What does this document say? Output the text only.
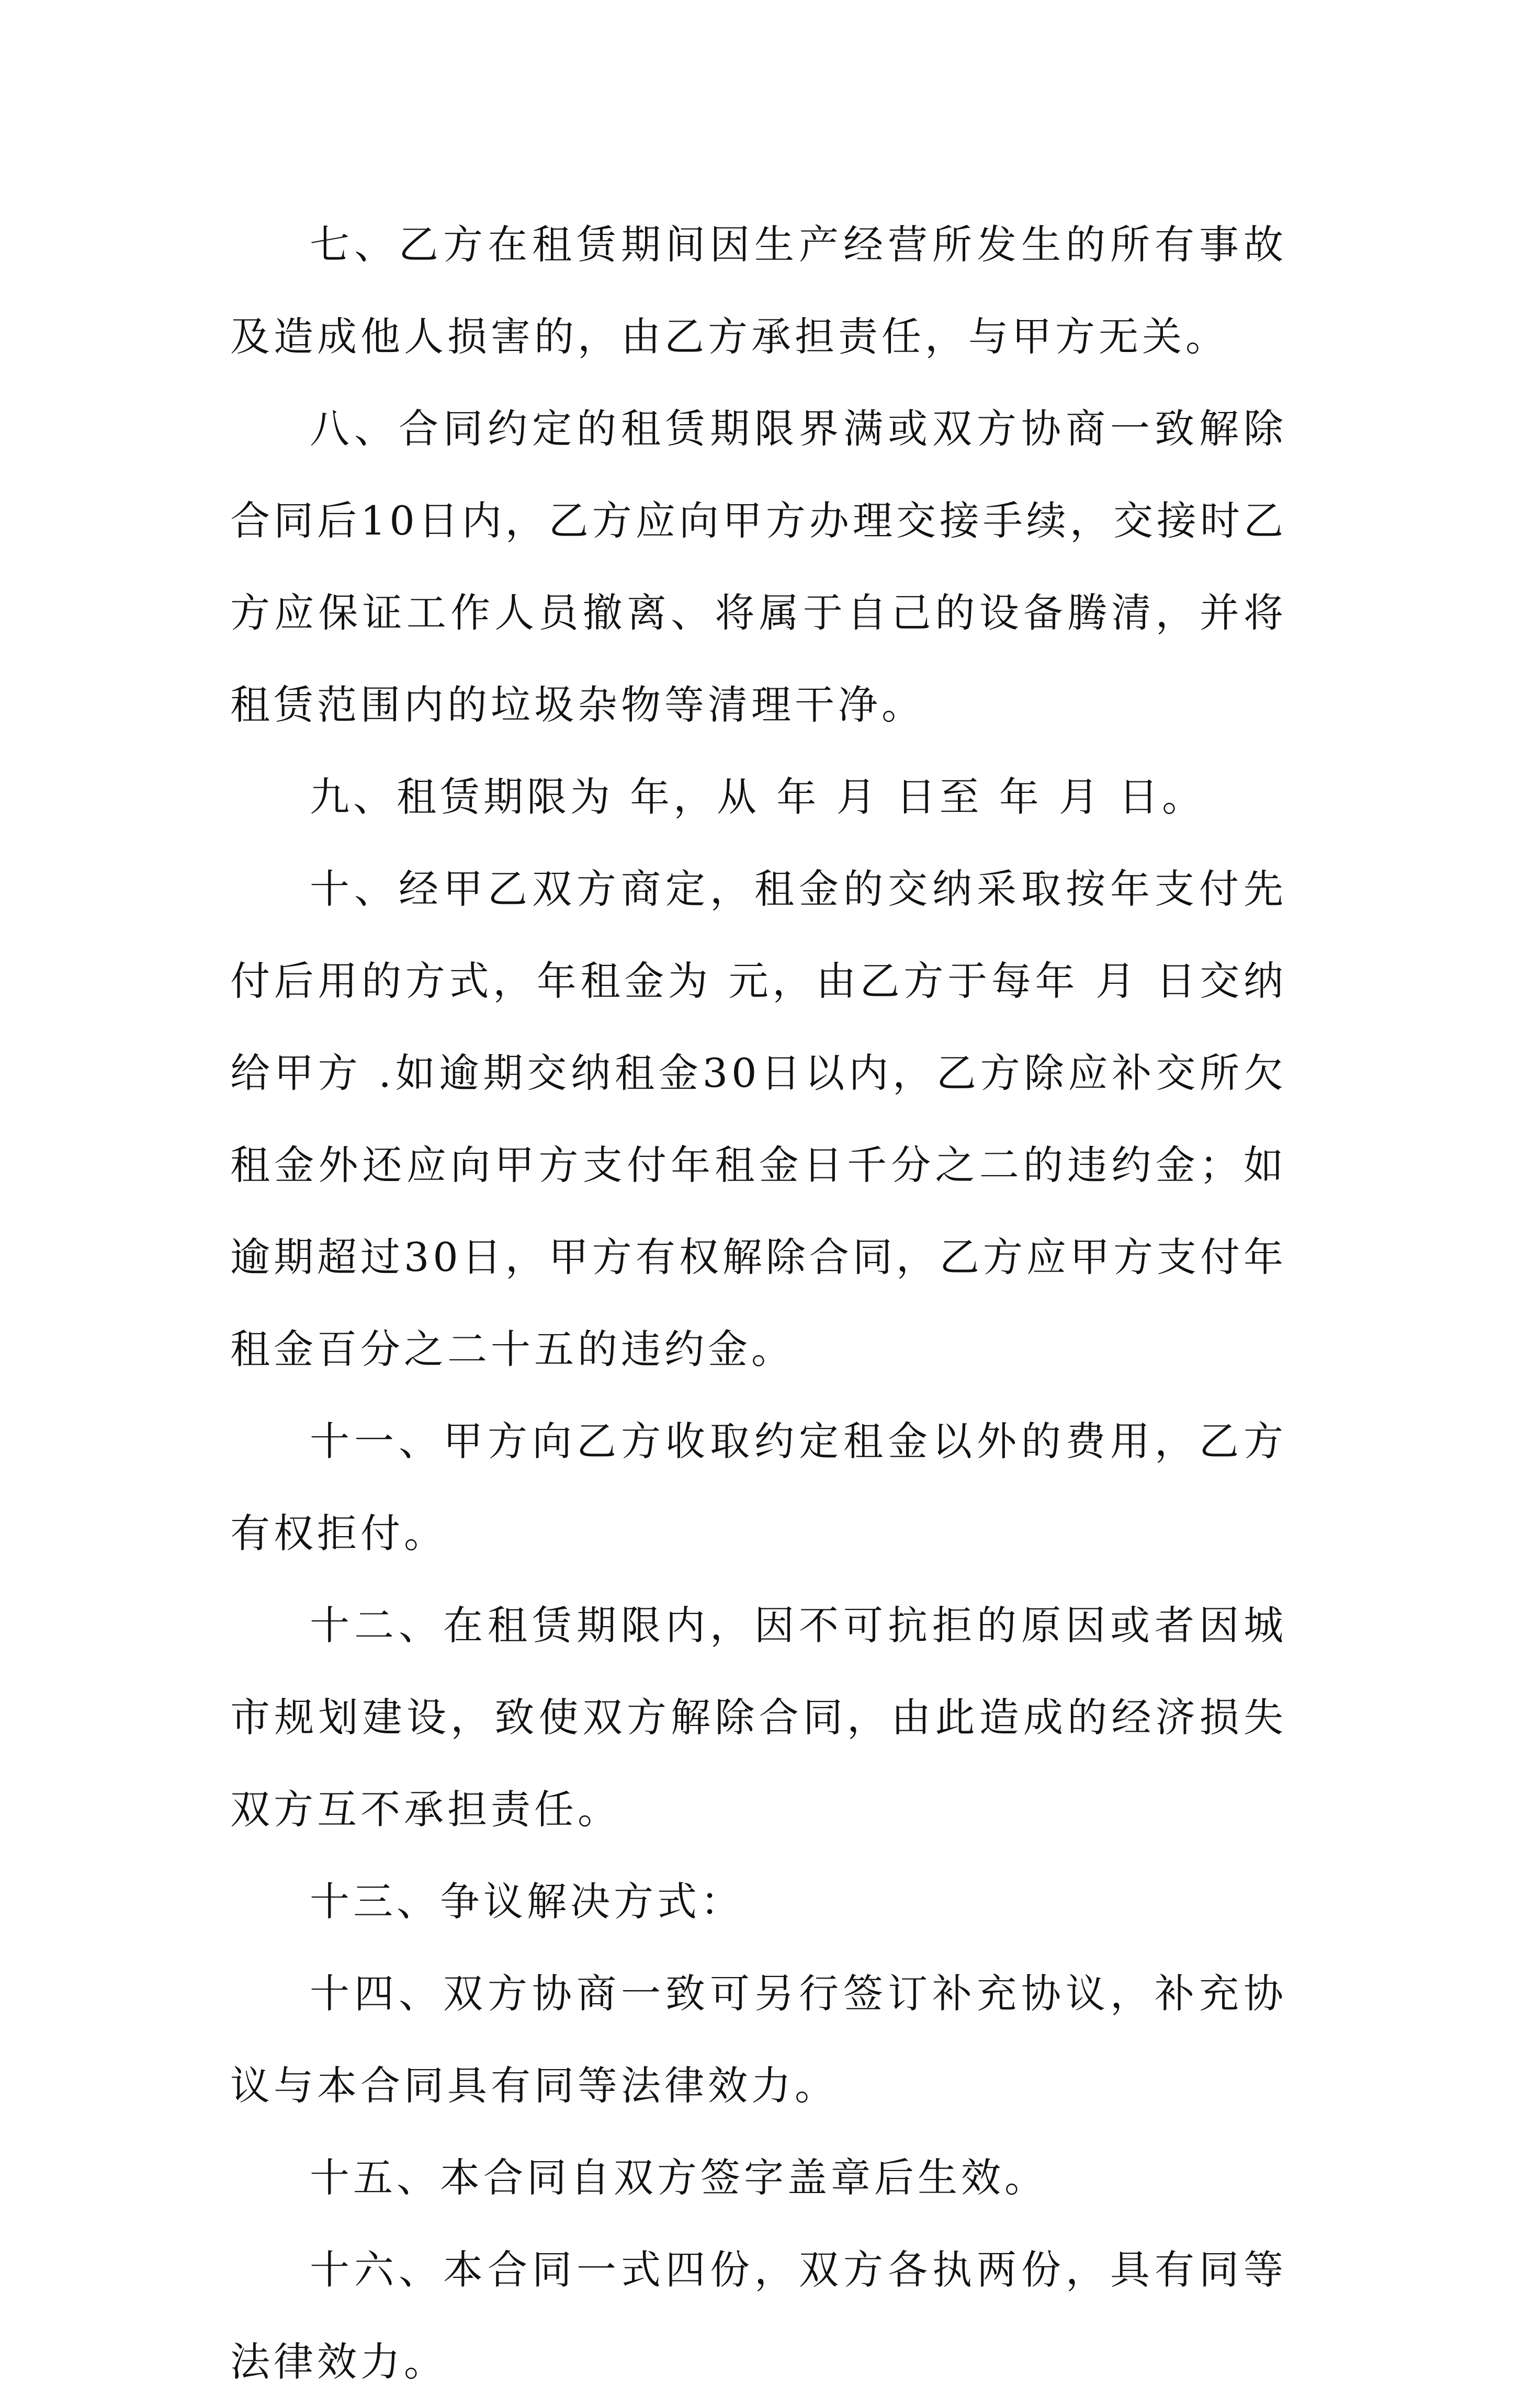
七、乙方在租赁期间因生产经营所发生的所有事故及造成他人损害的，由乙方承担责任，与甲方无关。

八、合同约定的租赁期限界满或双方协商一致解除合同后10日内，乙方应向甲方办理交接手续，交接时乙方应保证工作人员撤离、将属于自己的设备腾清，并将租赁范围内的垃圾杂物等清理干净。

九、租赁期限为 年，从 年 月 日至 年 月 日。

十、经甲乙双方商定，租金的交纳采取按年支付先付后用的方式，年租金为 元，由乙方于每年 月 日交纳给甲方 .如逾期交纳租金30日以内，乙方除应补交所欠租金外还应向甲方支付年租金日千分之二的违约金；如逾期超过30日，甲方有权解除合同，乙方应甲方支付年租金百分之二十五的违约金。

十一、甲方向乙方收取约定租金以外的费用，乙方有权拒付。

十二、在租赁期限内，因不可抗拒的原因或者因城市规划建设，致使双方解除合同，由此造成的经济损失双方互不承担责任。

十三、争议解决方式：

十四、双方协商一致可另行签订补充协议，补充协议与本合同具有同等法律效力。

十五、本合同自双方签字盖章后生效。

十六、本合同一式四份，双方各执两份，具有同等法律效力。
